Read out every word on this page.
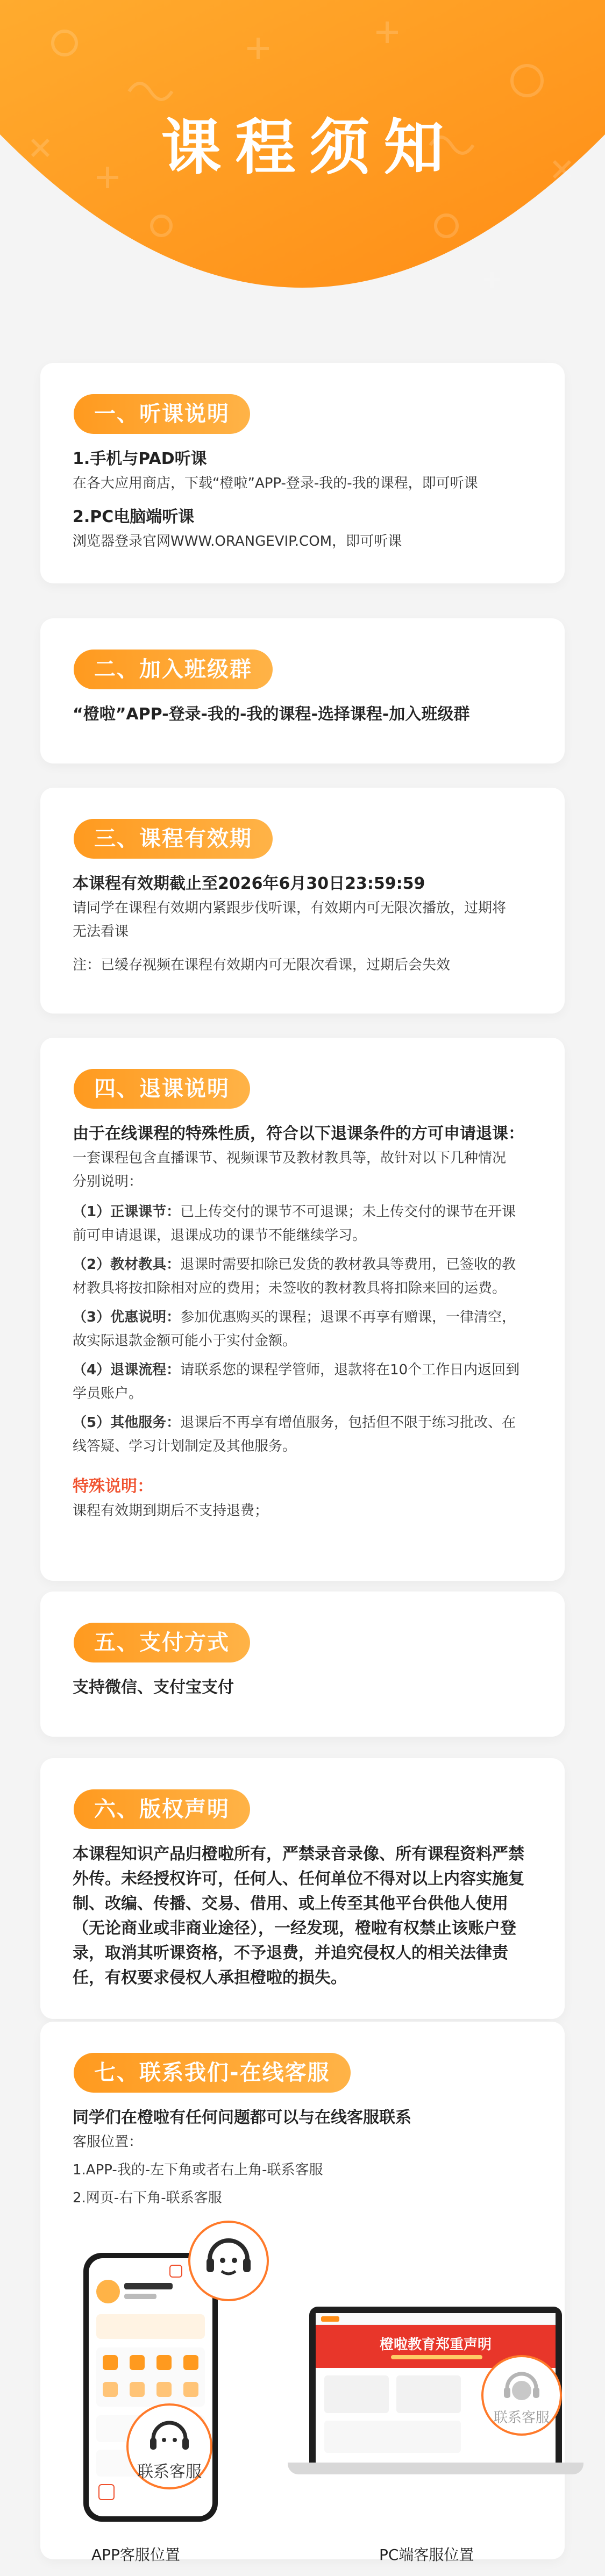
课程须知
一、听课说明
1.手机与PAD听课
在各大应用商店，下载“橙啦”APP-登录-我的-我的课程，即可听课
2.PC电脑端听课
浏览器登录官网WWW.ORANGEVIP.COM，即可听课
二、加入班级群
“橙啦”APP-登录-我的-我的课程-选择课程-加入班级群
三、课程有效期
本课程有效期截止至2026年6月30日23:59:59
请同学在课程有效期内紧跟步伐听课，有效期内可无限次播放，过期将
无法看课
注：已缓存视频在课程有效期内可无限次看课，过期后会失效
四、退课说明
由于在线课程的特殊性质，符合以下退课条件的方可申请退课：
一套课程包含直播课节、视频课节及教材教具等，故针对以下几种情况
分别说明：
（1）正课课节：已上传交付的课节不可退课；未上传交付的课节在开课
前可申请退课，退课成功的课节不能继续学习。
（2）教材教具：退课时需要扣除已发货的教材教具等费用，已签收的教
材教具将按扣除相对应的费用；未签收的教材教具将扣除来回的运费。
（3）优惠说明：参加优惠购买的课程；退课不再享有赠课，一律清空，
故实际退款金额可能小于实付金额。
（4）退课流程：请联系您的课程学管师，退款将在10个工作日内返回到
学员账户。
（5）其他服务：退课后不再享有增值服务，包括但不限于练习批改、在
线答疑、学习计划制定及其他服务。
特殊说明：
课程有效期到期后不支持退费；
五、支付方式
支持微信、支付宝支付
六、版权声明
本课程知识产品归橙啦所有，严禁录音录像、所有课程资料严禁
外传。未经授权许可，任何人、任何单位不得对以上内容实施复
制、改编、传播、交易、借用、或上传至其他平台供他人使用
（无论商业或非商业途径），一经发现，橙啦有权禁止该账户登
录，取消其听课资格，不予退费，并追究侵权人的相关法律责
任，有权要求侵权人承担橙啦的损失。
七、联系我们-在线客服
同学们在橙啦有任何问题都可以与在线客服联系
客服位置：
1.APP-我的-左下角或者右上角-联系客服
2.网页-右下角-联系客服
联系客服
橙啦教育郑重声明
联系客服
APP客服位置	PC端客服位置
